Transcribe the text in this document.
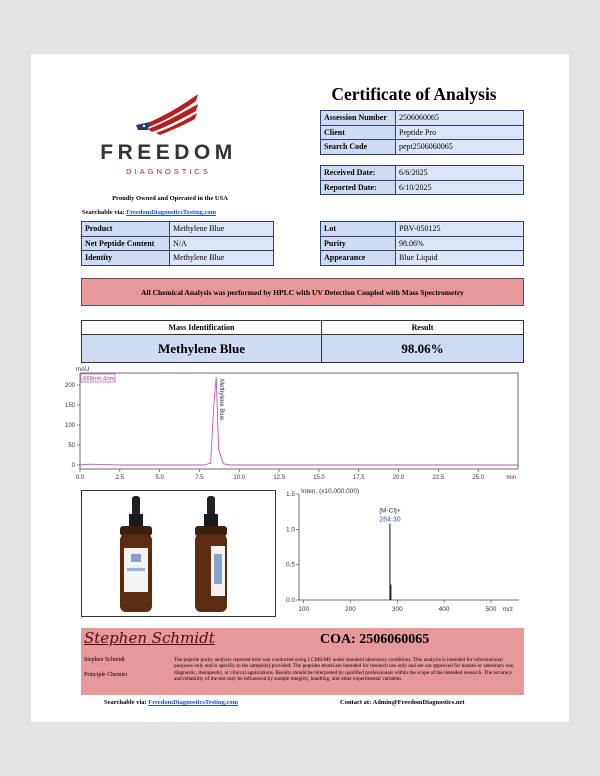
FREEDOM
DIAGNOSTICS
Certificate of Analysis
Proudly Owned and Operated in the USA
Searchable via: FreedomDiagnosticsTesting.com
Assession Number	2506060065
Client	Peptide Pro
Search Code	pept2506060065
Received Date:	6/6/2025
Reported Date:	6/10/2025
Product	Methylene Blue
Net Peptide Content	N/A
Identity	Methylene Blue
Lot	PBV-050125
Purity	98.06%
Appearance	Blue Liquid
All Chemical Analysis was performed by HPLC with UV Detection Coupled with Mass Spectrometry
Mass Identification	Result
Methylene Blue	98.06%
0.0	2.5	5.0	7.5	10.0	12.5	15.0	17.5	20.0	22.5	25.0
0
50
100
150
200
min
mAU
668nm,4nm	Methylene Blue
100	200	300	400	500
0.0
0.5
1.0
1.5 Inten. (x10,000,000)
m/z
[M-Cl]+
284.30
Stephen Schmidt	COA: 2506060065
Stephen Schmidt
Principle Chemist
The peptide purity analysis reported here was conducted using LCMS/MS under standard laboratory conditions. This analysis is intended for informational purposes only and is specific to the sample(s) provided. The peptides tested are intended for research use only and are not approved for human or veterinary use, diagnostic, therapeutic, or clinical applications. Results should be interpreted by qualified professionals within the scope of the intended research. The accuracy and reliability of the test may be influenced by sample integrity, handling, and other experimental variables.
Searchable via: FreedomDiagnosticsTesting.com	Contact at: Admin@FreedomDiagnostics.net
